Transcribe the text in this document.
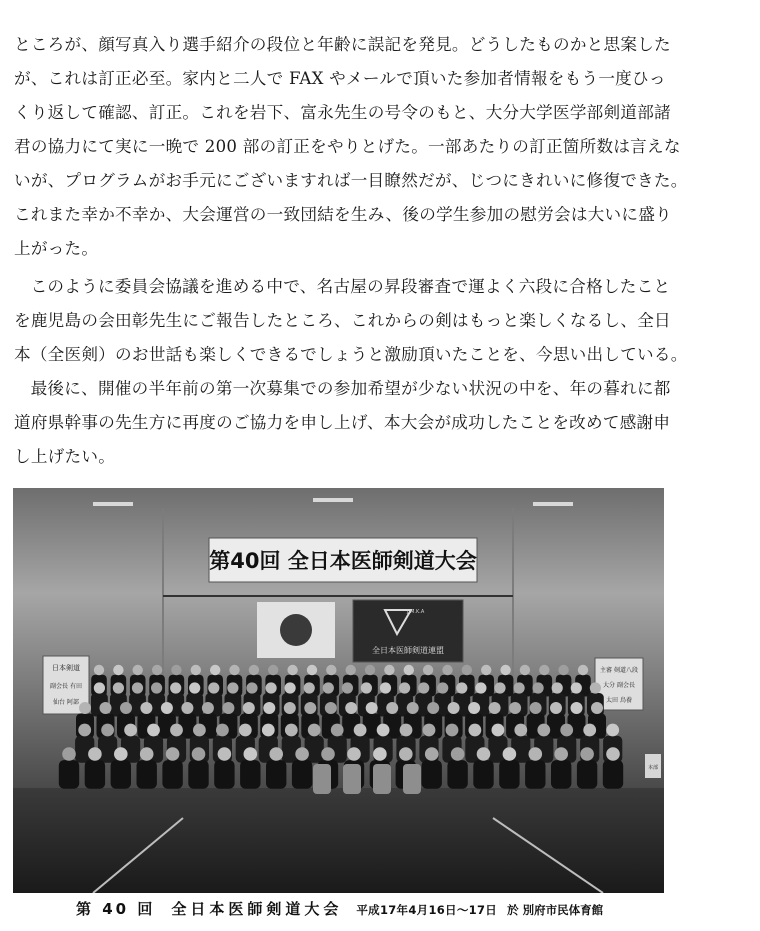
ところが、顔写真入り選手紹介の段位と年齢に誤記を発見。どうしたものかと思案した
が、これは訂正必至。家内と二人で FAX やメールで頂いた参加者情報をもう一度ひっ
くり返して確認、訂正。これを岩下、富永先生の号令のもと、大分大学医学部剣道部諸
君の協力にて実に一晩で 200 部の訂正をやりとげた。一部あたりの訂正箇所数は言えな
いが、プログラムがお手元にございますれば一目瞭然だが、じつにきれいに修復できた。
これまた幸か不幸か、大会運営の一致団結を生み、後の学生参加の慰労会は大いに盛り
上がった。

このように委員会協議を進める中で、名古屋の昇段審査で運よく六段に合格したこと
を鹿児島の会田彰先生にご報告したところ、これからの剣はもっと楽しくなるし、全日
本（全医剣）のお世話も楽しくできるでしょうと激励頂いたことを、今思い出している。

最後に、開催の半年前の第一次募集での参加希望が少ない状況の中を、年の暮れに都
道府県幹事の先生方に再度のご協力を申し上げ、本大会が成功したことを改めて感謝申
し上げたい。

第40回 全日本医師剣道大会
J.M.K.A
全日本医師剣道連盟
日本剣道
副会長 有田
仙台 阿部
主審 剣道八段
大分 副会長
太田 鳥養
本部
第 40 回 全日本医師剣道大会 平成17年4月16日〜17日 於 別府市民体育館
